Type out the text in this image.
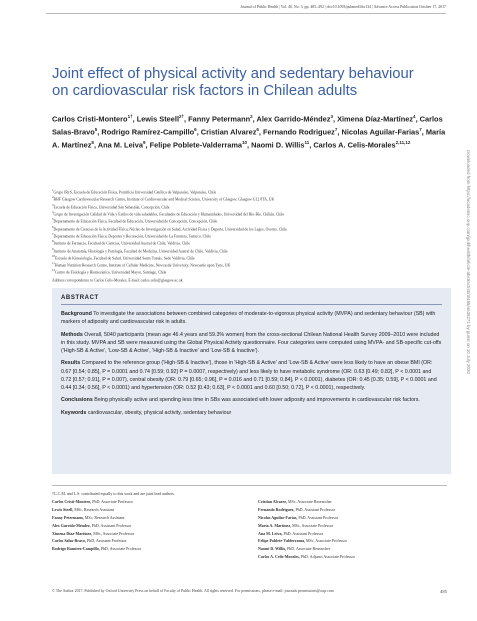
Journal of Public Health | Vol. 40, No. 3, pp. 485–492 | doi:10.1093/pubmed/fdx134 | Advance Access Publication October 17, 2017
Joint effect of physical activity and sedentary behaviour on cardiovascular risk factors in Chilean adults
Carlos Cristi-Montero$^{1\dagger}$, Lewis Steell$^{2\dagger}$, Fanny Petermann$^2$, Alex Garrido-Méndez$^3$, Ximena Díaz-Martínez$^4$, Carlos Salas-Bravo$^5$, Rodrigo Ramírez-Campillo$^6$, Cristian Alvarez$^6$, Fernando Rodriguez$^7$, Nicolas Aguilar-Farias$^7$, María A. Martínez$^8$, Ana M. Leiva$^9$, Felipe Poblete-Valderrama$^{10}$, Naomi D. Willis$^{11}$, Carlos A. Celis-Morales$^{2,11,12}$
$^1$Grupo IRyS, Escuela de Educación Física, Pontificia Universidad Católica de Valparaíso, Valparaíso, Chile
$^2$BHF Glasgow Cardiovascular Research Centre, Institute of Cardiovascular and Medical Science, University of Glasgow, Glasgow G12 8TA, UK
$^3$Escuela de Educación Física, Universidad San Sebastián, Concepción, Chile
$^4$Grupo de Investigación Calidad de Vida y Estilos de vida saludables, Facultades de Educación y Humanidades, Universidad del Bío-Bío, Chillán, Chile
$^5$Departamento de Educación Física, Facultad de Educación, Universidad de Concepción, Concepción, Chile
$^6$Departamento de Ciencias de la Actividad Física, Núcleo de Investigación en Salud, Actividad Física y Deporte, Universidad de los Lagos, Osorno, Chile
$^7$Departamento de Educación Física, Deportes y Recreación, Universidad de La Frontera, Temuco, Chile
$^8$Instituto de Farmacia, Facultad de Ciencias, Universidad Austral de Chile, Valdivia, Chile
$^9$Instituto de Anatomía, Histología y Patología, Facultad de Medicina, Universidad Austral de Chile, Valdivia, Chile
$^{10}$Escuela de Kinesiología, Facultad de Salud, Universidad Santo Tomás, Sede Valdivia, Chile
$^{11}$Human Nutrition Research Centre, Institute of Cellular Medicine, Newcastle University, Newcastle upon Tyne, UK
$^{12}$Centro de Fisiología y Biomecánica, Universidad Mayor, Santiago, Chile
Address correspondence to Carlos Celis-Morales, E-mail: carlos.celis@glasgow.ac.uk	Downloaded from https://academic.oup.com/jpubhealth/article-abstract/40/3/485/4638271 by guest on 10 July 2020
ABSTRACT

Background To investigate the associations between combined categories of moderate-to-vigorous physical activity (MVPA) and sedentary behaviour (SB) with markers of adiposity and cardiovascular risk in adults.

Methods Overall, 5040 participants (mean age 46.4 years and 59.3% women) from the cross-sectional Chilean National Health Survey 2009–2010 were included in this study. MVPA and SB were measured using the Global Physical Activity questionnaire. Four categories were computed using MVPA- and SB-specific cut-offs ('High-SB & Active', 'Low-SB & Active', 'High-SB & Inactive' and 'Low-SB & Inactive').

Results Compared to the reference group ('High-SB & Inactive'), those in 'High-SB & Active' and 'Low-SB & Active' were less likely to have an obese BMI (OR: 0.67 [0.54; 0.85], P = 0.0001 and 0.74 [0.59; 0.92] P = 0.0007, respectively) and less likely to have metabolic syndrome (OR: 0.63 [0.49; 0.82], P < 0.0001 and 0.72 [0.57; 0.91], P = 0.007), central obesity (OR: 0.79 [0.65; 0.96], P = 0.016 and 0.71 [0.59; 0.84], P < 0.0001), diabetes (OR: 0.45 [0.35; 0.59], P < 0.0001 and 0.44 [0.34; 0.56], P < 0.0001) and hypertension (OR: 0.52 [0.43; 0.63], P < 0.0001 and 0.60 [0.50; 0.72], P < 0.0001), respectively.

Conclusions Being physically active and spending less time in SBs was associated with lower adiposity and improvements in cardiovascular risk factors.

Keywords cardiovascular, obesity, physical activity, sedentary behaviour

†C.C.M. and L.S. contributed equally to this work and are joint lead authors.
Carlos Cristi-Montero, PhD, Associate Professor
Lewis Steell, MSc, Research Assistant
Fanny Petermann, MSc, Research Assistant
Alex Garrido-Méndez, PhD, Assistant Professor
Ximena Díaz-Martínez, MSc, Associate Professor
Carlos Salas-Bravo, PhD, Assistant Professor
Rodrigo Ramírez-Campillo, PhD, Associate Professor

Cristian Alvarez, MSc, Associate Researcher
Fernando Rodriguez, PhD, Assistant Professor
Nicolas Aguilar-Farias, PhD, Assistant Professor
María A. Martínez, MSc, Associate Professor
Ana M. Leiva, PhD, Assistant Professor
Felipe Poblete-Valderrama, MSc, Associate Professor
Naomi D. Willis, PhD, Associate Researcher
Carlos A. Celis-Morales, PhD, Adjunct Associate Professor
© The Author 2017. Published by Oxford University Press on behalf of Faculty of Public Health. All rights reserved. For permissions, please e-mail: journals.permissions@oup.com	485
